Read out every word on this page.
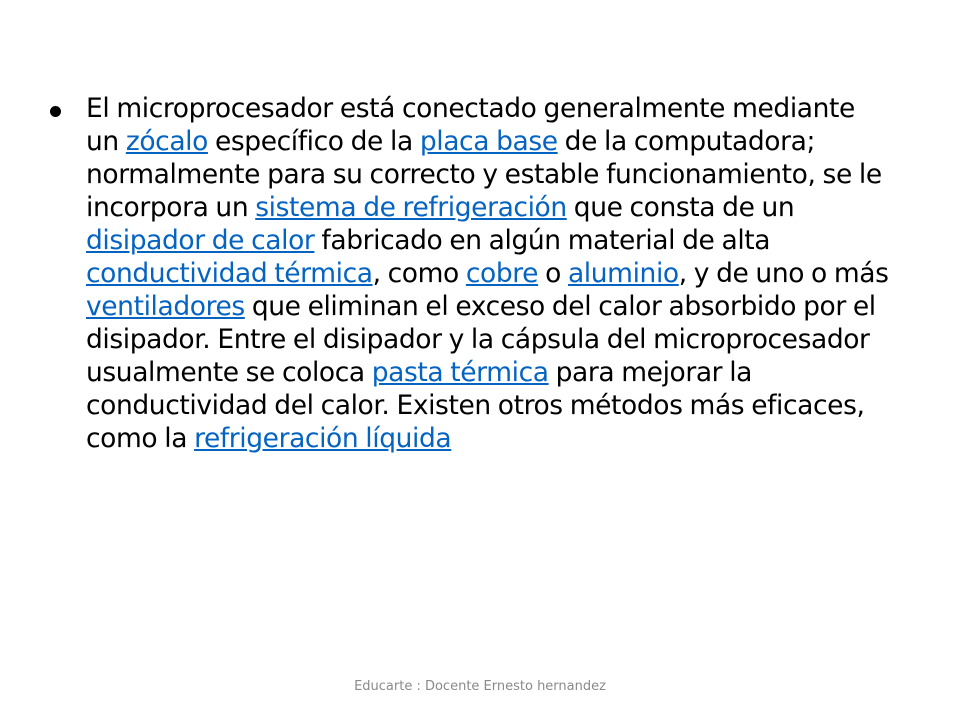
El microprocesador está conectado generalmente mediante un zócalo específico de la placa base de la computadora; normalmente para su correcto y estable funcionamiento, se le incorpora un sistema de refrigeración que consta de un disipador de calor fabricado en algún material de alta conductividad térmica, como cobre o aluminio, y de uno o más ventiladores que eliminan el exceso del calor absorbido por el disipador. Entre el disipador y la cápsula del microprocesador usualmente se coloca pasta térmica para mejorar la conductividad del calor. Existen otros métodos más eficaces, como la refrigeración líquida

Educarte : Docente Ernesto hernandez
